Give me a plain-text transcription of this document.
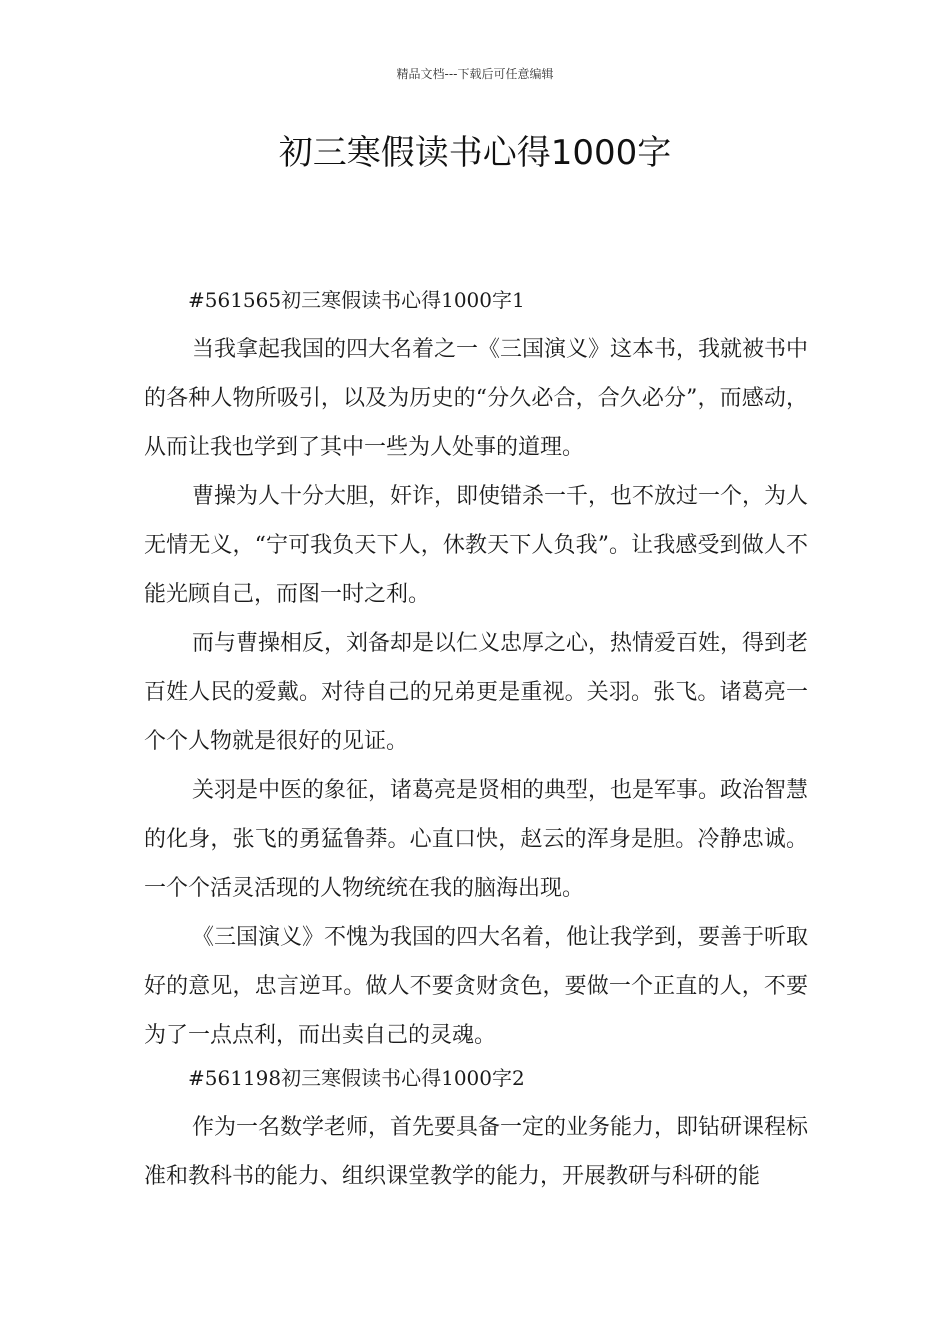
精品文档---下载后可任意编辑
初三寒假读书心得1000字

#561565初三寒假读书心得1000字1

当我拿起我国的四大名着之一《三国演义》这本书，我就被书中的各种人物所吸引，以及为历史的“分久必合，合久必分”，而感动，从而让我也学到了其中一些为人处事的道理。

曹操为人十分大胆，奸诈，即使错杀一千，也不放过一个，为人无情无义，“宁可我负天下人，休教天下人负我”。让我感受到做人不能光顾自己，而图一时之利。

而与曹操相反，刘备却是以仁义忠厚之心，热情爱百姓，得到老百姓人民的爱戴。对待自己的兄弟更是重视。关羽。张飞。诸葛亮一个个人物就是很好的见证。

关羽是中医的象征，诸葛亮是贤相的典型，也是军事。政治智慧的化身，张飞的勇猛鲁莽。心直口快，赵云的浑身是胆。冷静忠诚。一个个活灵活现的人物统统在我的脑海出现。

《三国演义》不愧为我国的四大名着，他让我学到，要善于听取好的意见，忠言逆耳。做人不要贪财贪色，要做一个正直的人，不要为了一点点利，而出卖自己的灵魂。

#561198初三寒假读书心得1000字2

作为一名数学老师，首先要具备一定的业务能力，即钻研课程标准和教科书的能力、组织课堂教学的能力，开展教研与科研的能
